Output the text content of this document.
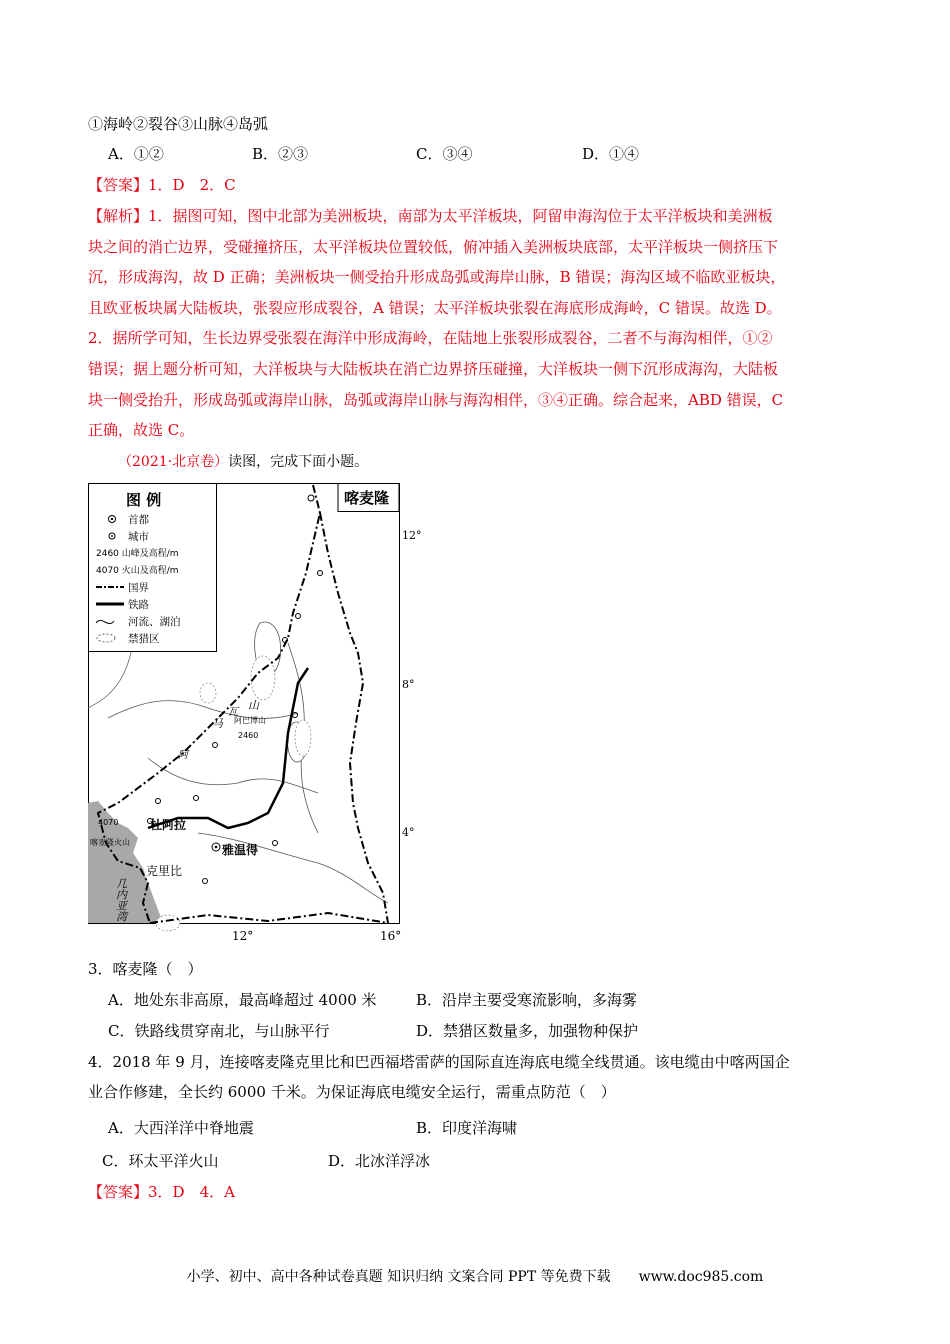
①海岭②裂谷③山脉④岛弧
A．①②	B．②③	C．③④	D．①④
【答案】1．D　2．C
【解析】1．据图可知，图中北部为美洲板块，南部为太平洋板块，阿留申海沟位于太平洋板块和美洲板
块之间的消亡边界，受碰撞挤压，太平洋板块位置较低，俯冲插入美洲板块底部，太平洋板块一侧挤压下
沉，形成海沟，故 D 正确；美洲板块一侧受抬升形成岛弧或海岸山脉，B 错误；海沟区域不临欧亚板块，
且欧亚板块属大陆板块，张裂应形成裂谷，A 错误；太平洋板块张裂在海底形成海岭，C 错误。故选 D。
2．据所学可知，生长边界受张裂在海洋中形成海岭，在陆地上张裂形成裂谷，二者不与海沟相伴，①②
错误；据上题分析可知，大洋板块与大陆板块在消亡边界挤压碰撞，大洋板块一侧下沉形成海沟，大陆板
块一侧受抬升，形成岛弧或海岸山脉，岛弧或海岸山脉与海沟相伴，③④正确。综合起来，ABD 错误，C
正确，故选 C。
（2021·北京卷）读图，完成下面小题。
图 例
首都
城市
2460 山峰及高程/m
4070 火山及高程/m
国界
铁路
河流、湖泊
禁猎区
喀麦隆
12°
8°
4°
雅温得
杜阿拉
克里比
喀麦隆火山
4070
阿巴博山
2460
马
山
瓦
阿
几内亚湾
12°	16°
3．喀麦隆（　）
A．地处东非高原，最高峰超过 4000 米	B．沿岸主要受寒流影响，多海雾
C．铁路线贯穿南北，与山脉平行	D．禁猎区数量多，加强物种保护
4．2018 年 9 月，连接喀麦隆克里比和巴西福塔雷萨的国际直连海底电缆全线贯通。该电缆由中喀两国企
业合作修建，全长约 6000 千米。为保证海底电缆安全运行，需重点防范（　）
A．大西洋洋中脊地震	B．印度洋海啸
C．环太平洋火山	D．北冰洋浮冰
【答案】3．D　4．A
小学、初中、高中各种试卷真题 知识归纳 文案合同 PPT 等免费下载　　www.doc985.com
